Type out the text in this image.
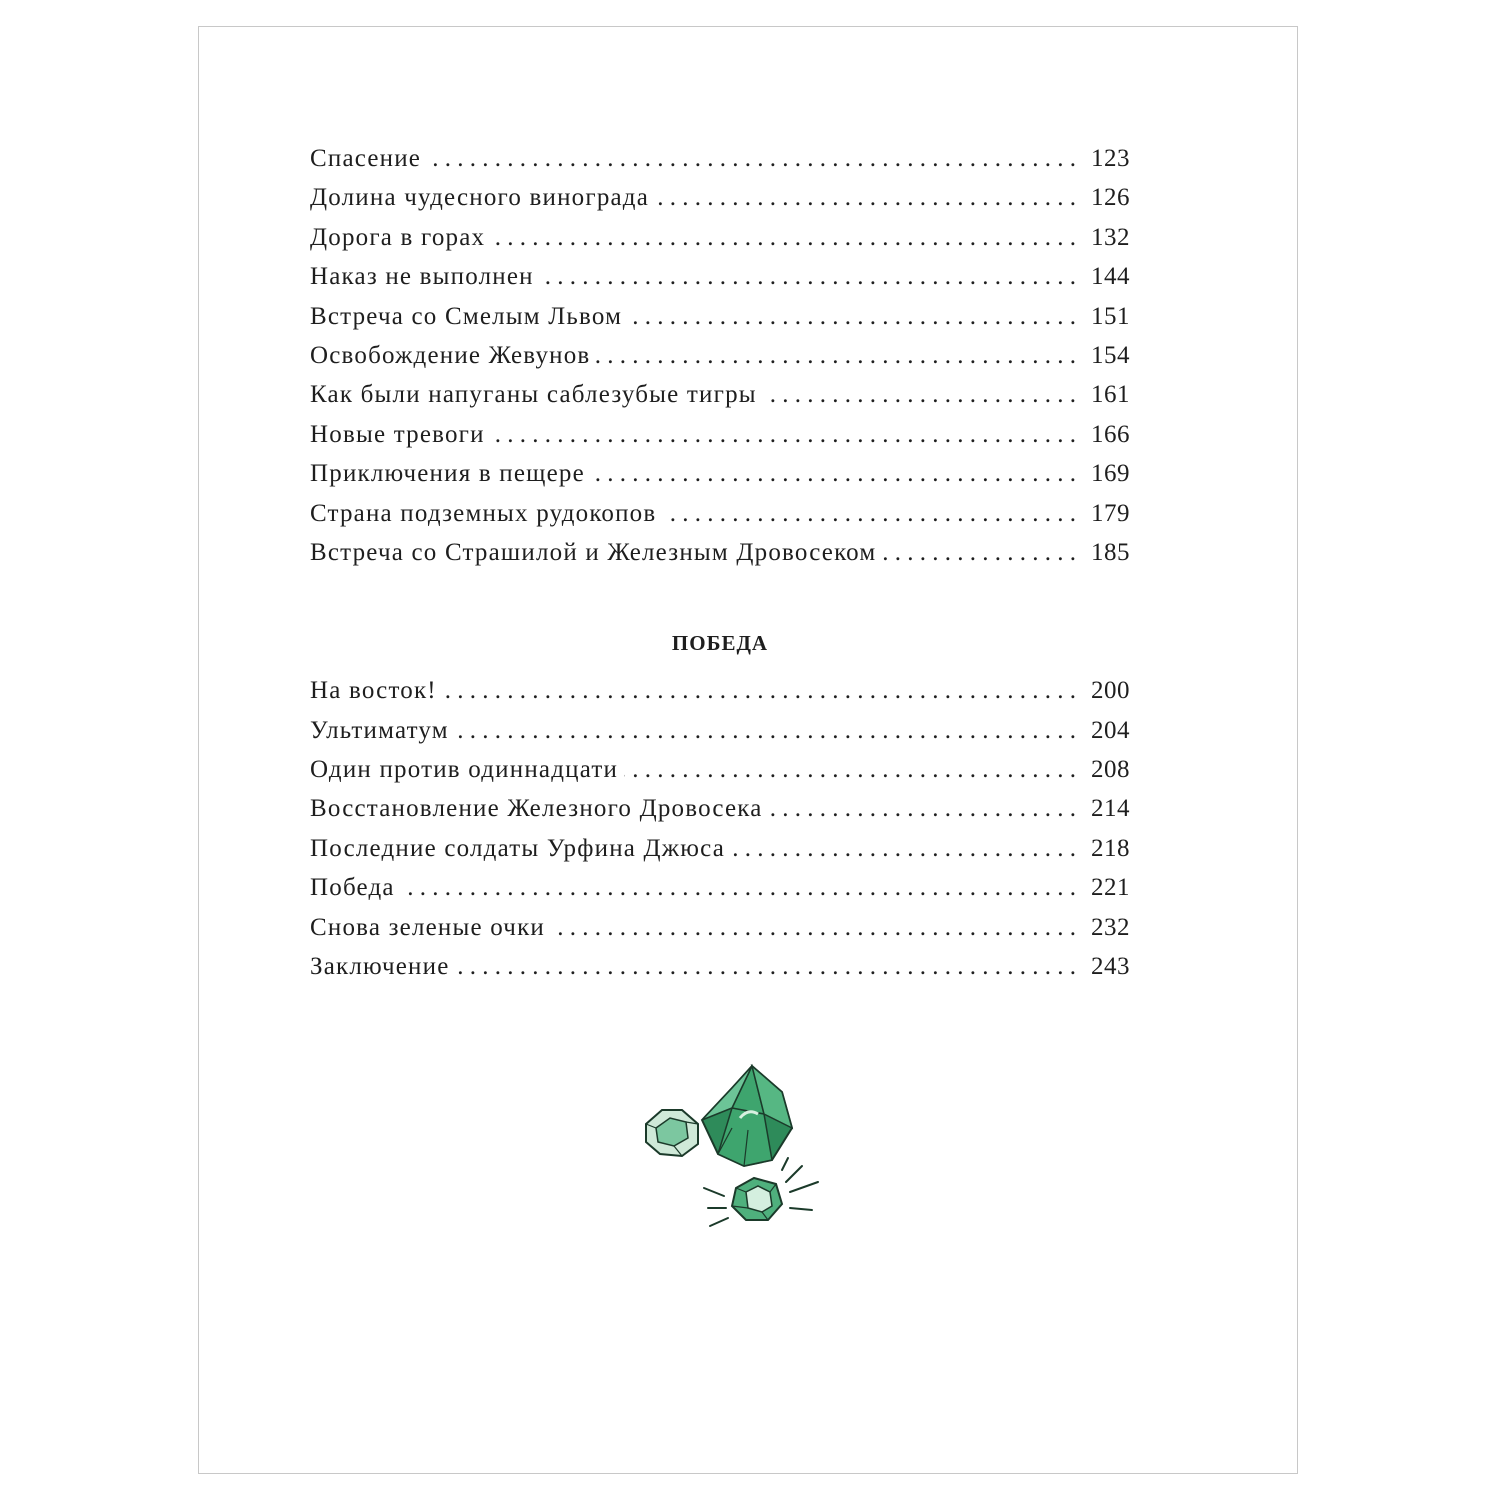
Спасение . . .	123
Долина чудесного винограда . . .	126
Дорога в горах . . .	132
Наказ не выполнен . . .	144
Встреча со Смелым Львом . . .	151
Освобождение Жевунов . . .	154
Как были напуганы саблезубые тигры . . .	161
Новые тревоги . . .	166
Приключения в пещере . . .	169
Страна подземных рудокопов . . .	179
Встреча со Страшилой и Железным Дровосеком . . .	185
ПОБЕДА
На восток! . . .	200
Ультиматум . . .	204
Один против одиннадцати . . .	208
Восстановление Железного Дровосека . . .	214
Последние солдаты Урфина Джюса . . .	218
Победа . . .	221
Снова зеленые очки . . .	232
Заключение . . .	243
